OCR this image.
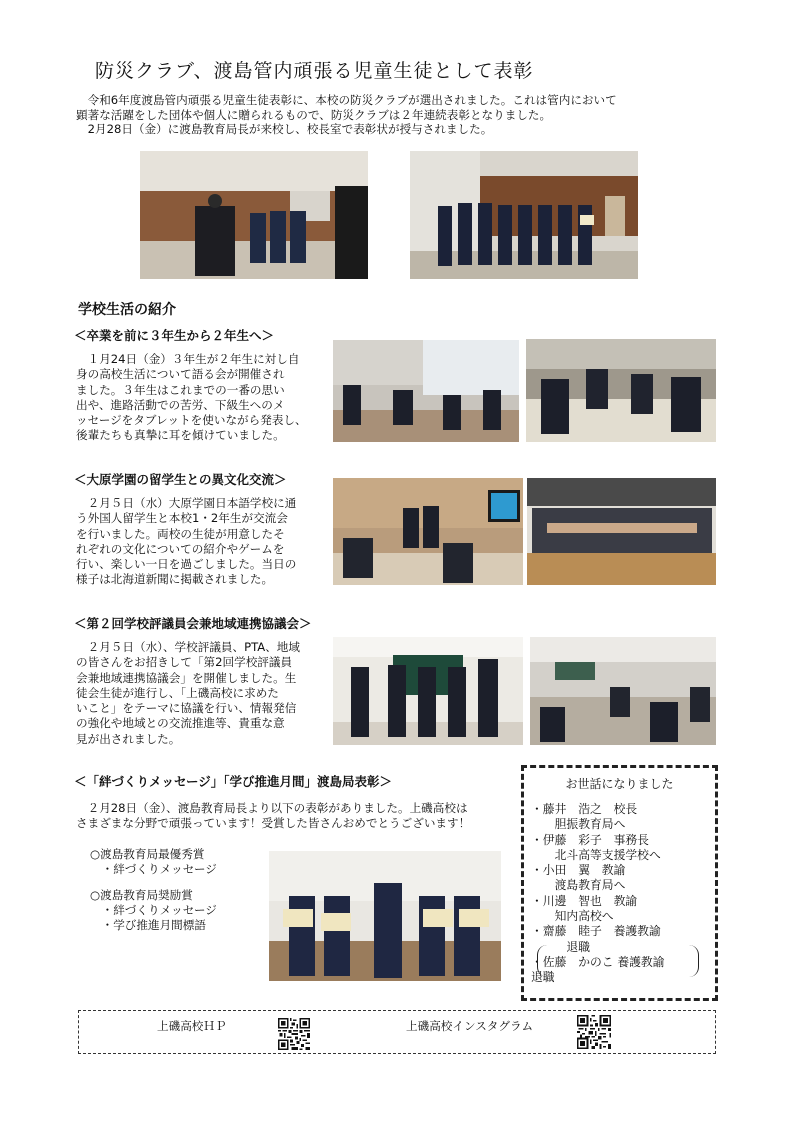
防災クラブ、渡島管内頑張る児童生徒として表彰
　令和6年度渡島管内頑張る児童生徒表彰に、本校の防災クラブが選出されました。これは管内において
顕著な活躍をした団体や個人に贈られるもので、防災クラブは２年連続表彰となりました。
　2月28日（金）に渡島教育局長が来校し、校長室で表彰状が授与されました。
学校生活の紹介
＜卒業を前に３年生から２年生へ＞
　１月24日（金）３年生が２年生に対し自
身の高校生活について語る会が開催され
ました。３年生はこれまでの一番の思い
出や、進路活動での苦労、下級生へのメ
ッセージをタブレットを使いながら発表し、
後輩たちも真摯に耳を傾けていました。
＜大原学園の留学生との異文化交流＞
　２月５日（水）大原学園日本語学校に通
う外国人留学生と本校1・2年生が交流会
を行いました。両校の生徒が用意したそ
れぞれの文化についての紹介やゲームを
行い、楽しい一日を過ごしました。当日の
様子は北海道新聞に掲載されました。
＜第２回学校評議員会兼地域連携協議会＞
　２月５日（水）、学校評議員、PTA、地域
の皆さんをお招きして「第2回学校評議員
会兼地域連携協議会」を開催しました。生
徒会生徒が進行し、「上磯高校に求めた
いこと」をテーマに協議を行い、情報発信
の強化や地域との交流推進等、貴重な意
見が出されました。
＜「絆づくりメッセージ」「学び推進月間」渡島局表彰＞
　２月28日（金）、渡島教育局長より以下の表彰がありました。上磯高校は
さまざまな分野で頑張っています！受賞した皆さんおめでとうございます！
○渡島教育局最優秀賞
　・絆づくりメッセージ
○渡島教育局奨励賞
　・絆づくりメッセージ
　・学び推進月間標語
お世話になりました
・藤井　浩之　校長
　　胆振教育局へ
・伊藤　彩子　事務長
　　北斗高等支援学校へ
・小田　翼　教諭
　　渡島教育局へ
・川邊　智也　教諭
　　知内高校へ
・齋藤　睦子　養護教諭
　　　退職
・佐藤　かのこ 養護教諭
退職
上磯高校ＨＰ	上磯高校インスタグラム
